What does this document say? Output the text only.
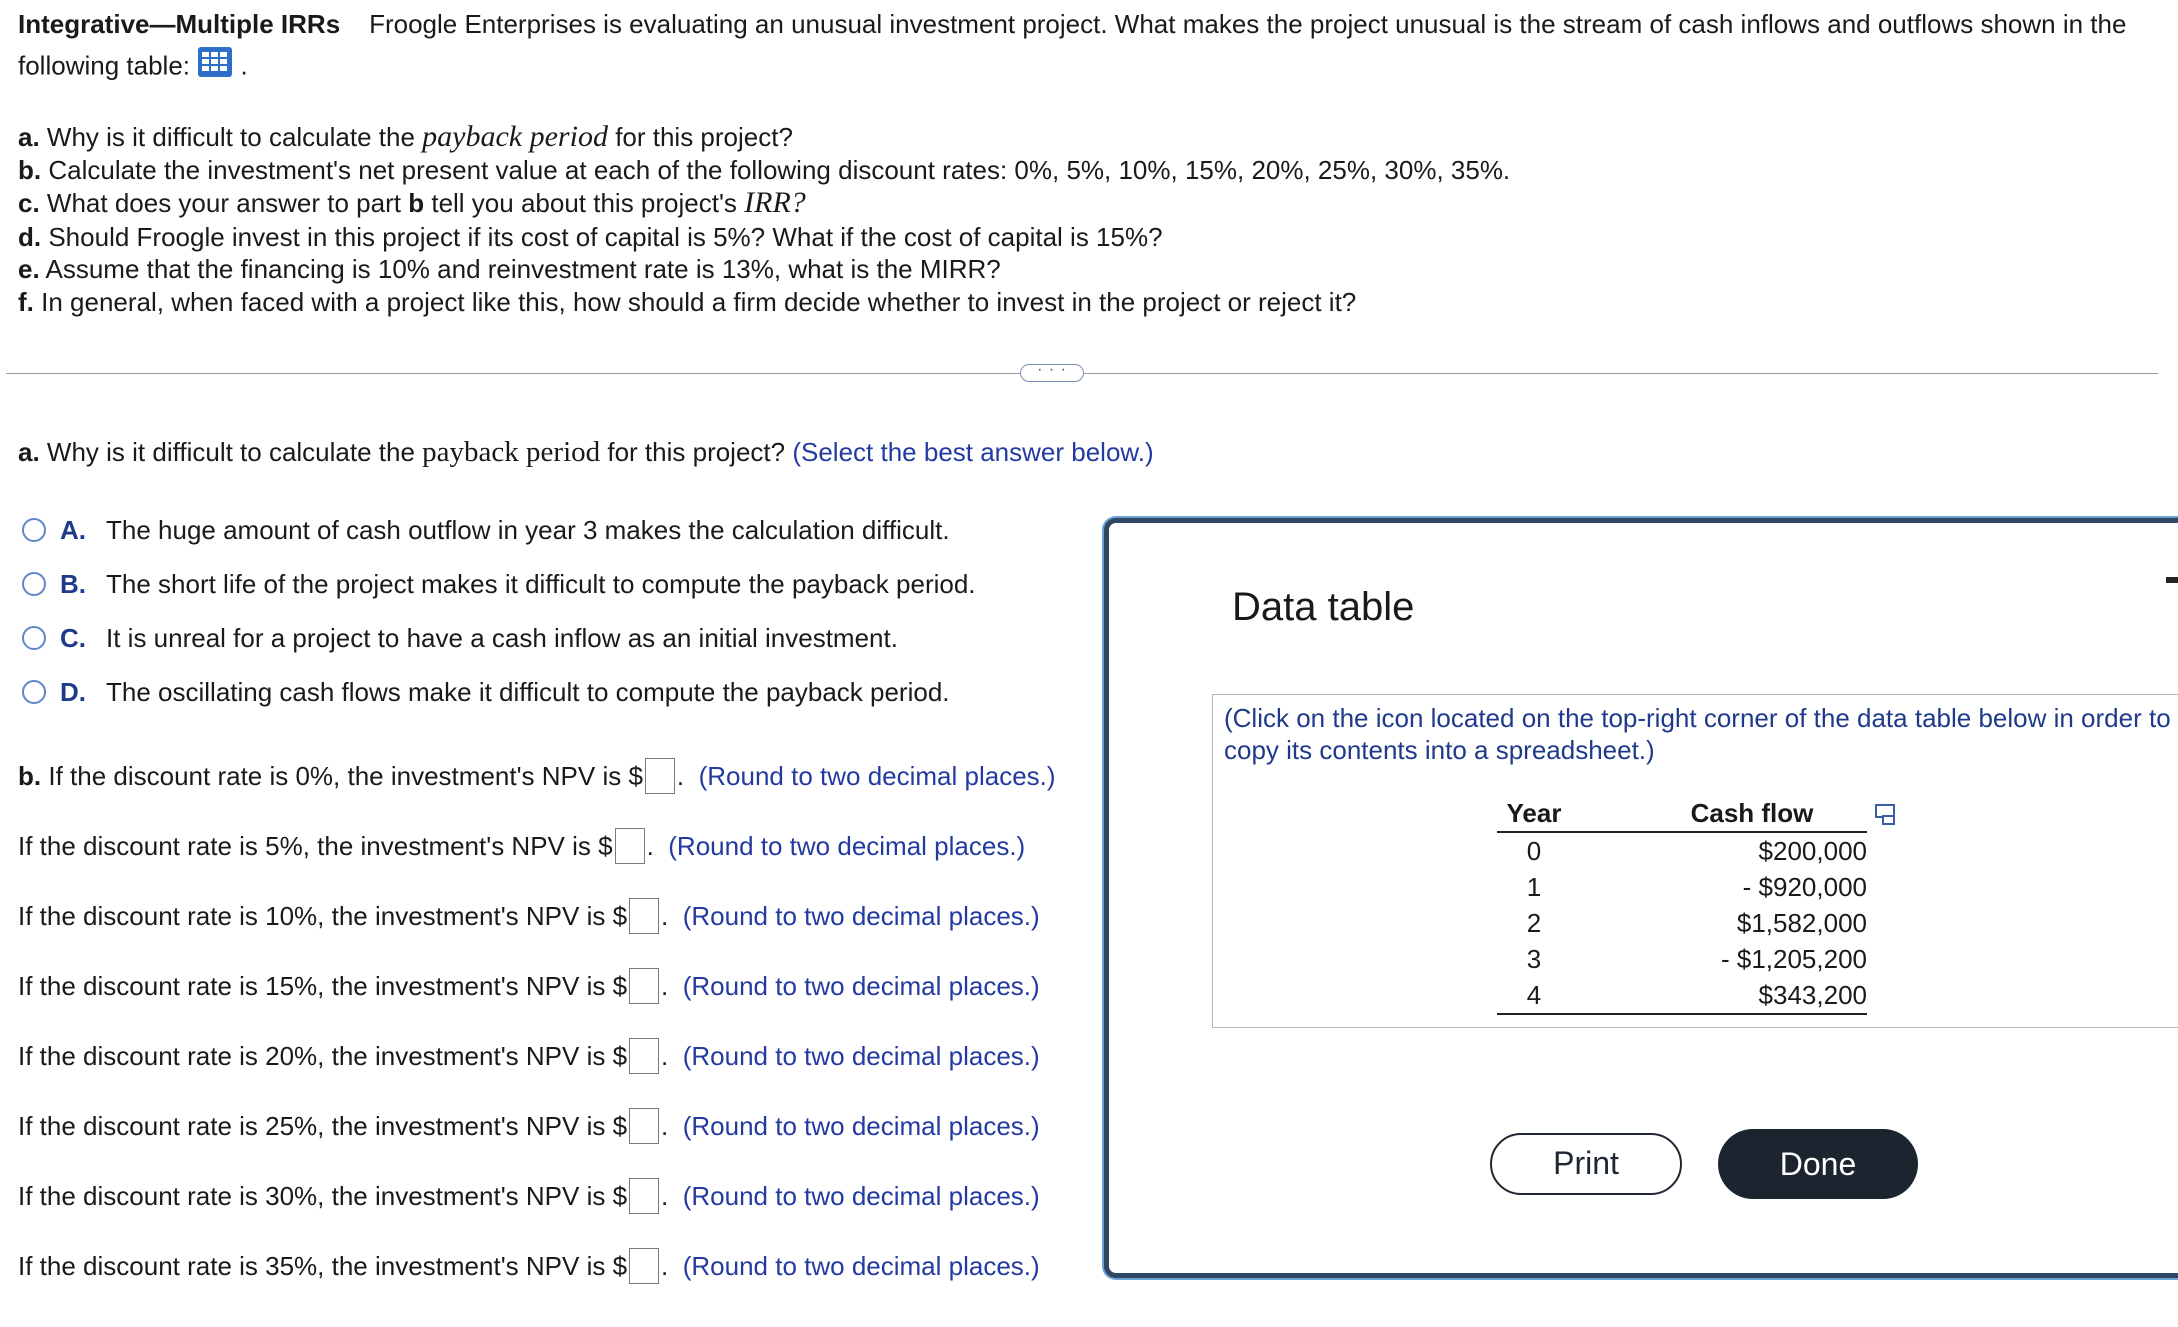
Integrative—Multiple IRRs Froogle Enterprises is evaluating an unusual investment project. What makes the project unusual is the stream of cash inflows and outflows shown in the
following table: .
a. Why is it difficult to calculate the payback period for this project?
b. Calculate the investment's net present value at each of the following discount rates: 0%, 5%, 10%, 15%, 20%, 25%, 30%, 35%.
c. What does your answer to part b tell you about this project's IRR?
d. Should Froogle invest in this project if its cost of capital is 5%? What if the cost of capital is 15%?
e. Assume that the financing is 10% and reinvestment rate is 13%, what is the MIRR?
f. In general, when faced with a project like this, how should a firm decide whether to invest in the project or reject it?
· · ·
a. Why is it difficult to calculate the payback period for this project? (Select the best answer below.)
A. The huge amount of cash outflow in year 3 makes the calculation difficult.
B. The short life of the project makes it difficult to compute the payback period.
C. It is unreal for a project to have a cash inflow as an initial investment.
D. The oscillating cash flows make it difficult to compute the payback period.
b. If the discount rate is 0%, the investment's NPV is $ . (Round to two decimal places.)
If the discount rate is 5%, the investment's NPV is $ . (Round to two decimal places.)
If the discount rate is 10%, the investment's NPV is $ . (Round to two decimal places.)
If the discount rate is 15%, the investment's NPV is $ . (Round to two decimal places.)
If the discount rate is 20%, the investment's NPV is $ . (Round to two decimal places.)
If the discount rate is 25%, the investment's NPV is $ . (Round to two decimal places.)
If the discount rate is 30%, the investment's NPV is $ . (Round to two decimal places.)
If the discount rate is 35%, the investment's NPV is $ . (Round to two decimal places.)
Data table
(Click on the icon located on the top-right corner of the data table below in order to
copy its contents into a spreadsheet.)
Year	Cash flow
0	$200,000
1	- $920,000
2	$1,582,000
3	- $1,205,200
4	$343,200
Print	Done
